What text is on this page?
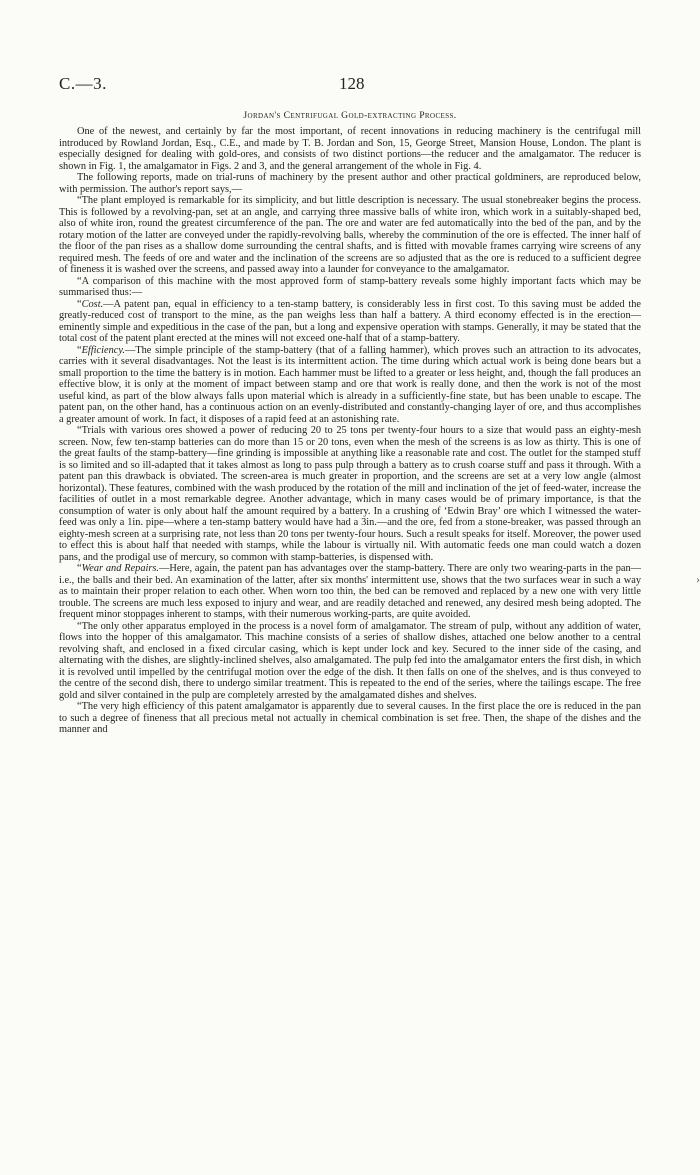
C.—3.	128
Jordan's Centrifugal Gold-extracting Process.

One of the newest, and certainly by far the most important, of recent innovations in reducing machinery is the centrifugal mill introduced by Rowland Jordan, Esq., C.E., and made by T. B. Jordan and Son, 15, George Street, Mansion House, London. The plant is especially designed for dealing with gold-ores, and consists of two distinct portions—the reducer and the amalgamator. The reducer is shown in Fig. 1, the amalgamator in Figs. 2 and 3, and the general arrangement of the whole in Fig. 4.

The following reports, made on trial-runs of machinery by the present author and other practical goldminers, are reproduced below, with permission. The author's report says,—

“The plant employed is remarkable for its simplicity, and but little description is necessary. The usual stonebreaker begins the process. This is followed by a revolving-pan, set at an angle, and carrying three massive balls of white iron, which work in a suitably-shaped bed, also of white iron, round the greatest circumference of the pan. The ore and water are fed automatically into the bed of the pan, and by the rotary motion of the latter are conveyed under the rapidly-revolving balls, whereby the comminution of the ore is effected. The inner half of the floor of the pan rises as a shallow dome surrounding the central shafts, and is fitted with movable frames carrying wire screens of any required mesh. The feeds of ore and water and the inclination of the screens are so adjusted that as the ore is reduced to a sufficient degree of fineness it is washed over the screens, and passed away into a launder for conveyance to the amalgamator.

“A comparison of this machine with the most approved form of stamp-battery reveals some highly important facts which may be summarised thus:—

“Cost.—A patent pan, equal in efficiency to a ten-stamp battery, is considerably less in first cost. To this saving must be added the greatly-reduced cost of transport to the mine, as the pan weighs less than half a battery. A third economy effected is in the erection—eminently simple and expeditious in the case of the pan, but a long and expensive operation with stamps. Generally, it may be stated that the total cost of the patent plant erected at the mines will not exceed one-half that of a stamp-battery.

“Efficiency.—The simple principle of the stamp-battery (that of a falling hammer), which proves such an attraction to its advocates, carries with it several disadvantages. Not the least is its intermittent action. The time during which actual work is being done bears but a small proportion to the time the battery is in motion. Each hammer must be lifted to a greater or less height, and, though the fall produces an effective blow, it is only at the moment of impact between stamp and ore that work is really done, and then the work is not of the most useful kind, as part of the blow always falls upon material which is already in a sufficiently-fine state, but has been unable to escape. The patent pan, on the other hand, has a continuous action on an evenly-distributed and constantly-changing layer of ore, and thus accomplishes a greater amount of work. In fact, it disposes of a rapid feed at an astonishing rate.

“Trials with various ores showed a power of reducing 20 to 25 tons per twenty-four hours to a size that would pass an eighty-mesh screen. Now, few ten-stamp batteries can do more than 15 or 20 tons, even when the mesh of the screens is as low as thirty. This is one of the great faults of the stamp-battery—fine grinding is impossible at anything like a reasonable rate and cost. The outlet for the stamped stuff is so limited and so ill-adapted that it takes almost as long to pass pulp through a battery as to crush coarse stuff and pass it through. With a patent pan this drawback is obviated. The screen-area is much greater in proportion, and the screens are set at a very low angle (almost horizontal). These features, combined with the wash produced by the rotation of the mill and inclination of the jet of feed-water, increase the facilities of outlet in a most remarkable degree. Another advantage, which in many cases would be of primary importance, is that the consumption of water is only about half the amount required by a battery. In a crushing of ‘Edwin Bray’ ore which I witnessed the water-feed was only a 1in. pipe—where a ten-stamp battery would have had a 3in.—and the ore, fed from a stone-breaker, was passed through an eighty-mesh screen at a surprising rate, not less than 20 tons per twenty-four hours. Such a result speaks for itself. Moreover, the power used to effect this is about half that needed with stamps, while the labour is virtually nil. With automatic feeds one man could watch a dozen pans, and the prodigal use of mercury, so common with stamp-batteries, is dispensed with.

“Wear and Repairs.—Here, again, the patent pan has advantages over the stamp-battery. There are only two wearing-parts in the pan—i.e., the balls and their bed. An examination of the latter, after six months' intermittent use, shows that the two surfaces wear in such a way as to maintain their proper relation to each other. When worn too thin, the bed can be removed and replaced by a new one with very little trouble. The screens are much less exposed to injury and wear, and are readily detached and renewed, any desired mesh being adopted. The frequent minor stoppages inherent to stamps, with their numerous working-parts, are quite avoided.

“The only other apparatus employed in the process is a novel form of amalgamator. The stream of pulp, without any addition of water, flows into the hopper of this amalgamator. This machine consists of a series of shallow dishes, attached one below another to a central revolving shaft, and enclosed in a fixed circular casing, which is kept under lock and key. Secured to the inner side of the casing, and alternating with the dishes, are slightly-inclined shelves, also amalgamated. The pulp fed into the amalgamator enters the first dish, in which it is revolved until impelled by the centrifugal motion over the edge of the dish. It then falls on one of the shelves, and is thus conveyed to the centre of the second dish, there to undergo similar treatment. This is repeated to the end of the series, where the tailings escape. The free gold and silver contained in the pulp are completely arrested by the amalgamated dishes and shelves.

“The very high efficiency of this patent amalgamator is apparently due to several causes. In the first place the ore is reduced in the pan to such a degree of fineness that all precious metal not actually in chemical combination is set free. Then, the shape of the dishes and the manner and

›
